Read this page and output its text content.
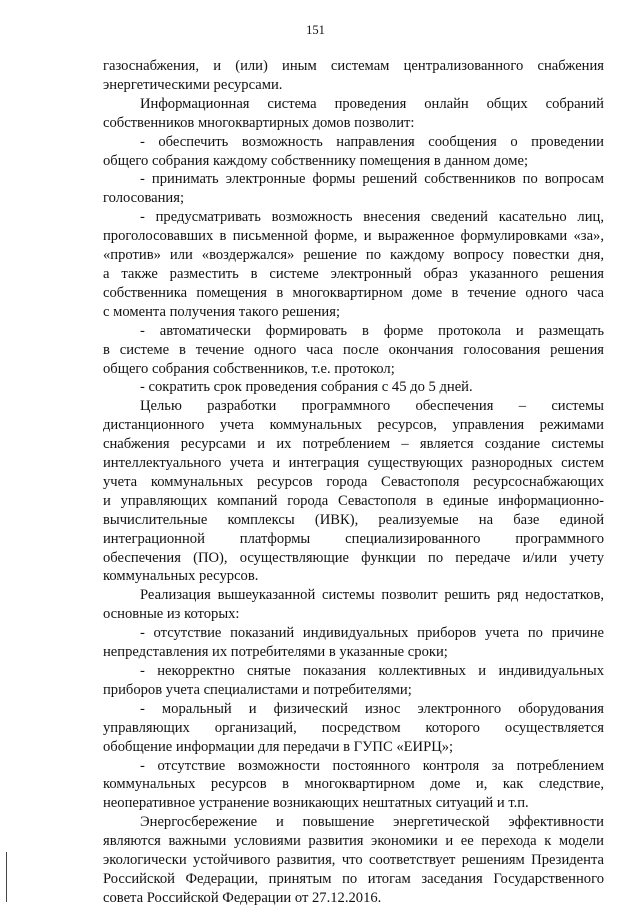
151

газоснабжения, и (или) иным системам централизованного снабжения

энергетическими ресурсами.

Информационная система проведения онлайн общих собраний

собственников многоквартирных домов позволит:

- обеспечить возможность направления сообщения о проведении

общего собрания каждому собственнику помещения в данном доме;

- принимать электронные формы решений собственников по вопросам

голосования;

- предусматривать возможность внесения сведений касательно лиц,

проголосовавших в письменной форме, и выраженное формулировками «за»,

«против» или «воздержался» решение по каждому вопросу повестки дня,

а также разместить в системе электронный образ указанного решения

собственника помещения в многоквартирном доме в течение одного часа

с момента получения такого решения;

- автоматически формировать в форме протокола и размещать

в системе в течение одного часа после окончания голосования решения

общего собрания собственников, т.е. протокол;

- сократить срок проведения собрания с 45 до 5 дней.

Целью разработки программного обеспечения – системы

дистанционного учета коммунальных ресурсов, управления режимами

снабжения ресурсами и их потреблением – является создание системы

интеллектуального учета и интеграция существующих разнородных систем

учета коммунальных ресурсов города Севастополя ресурсоснабжающих

и управляющих компаний города Севастополя в единые информационно-

вычислительные комплексы (ИВК), реализуемые на базе единой

интеграционной платформы специализированного программного

обеспечения (ПО), осуществляющие функции по передаче и/или учету

коммунальных ресурсов.

Реализация вышеуказанной системы позволит решить ряд недостатков,

основные из которых:

- отсутствие показаний индивидуальных приборов учета по причине

непредставления их потребителями в указанные сроки;

- некорректно снятые показания коллективных и индивидуальных

приборов учета специалистами и потребителями;

- моральный и физический износ электронного оборудования

управляющих организаций, посредством которого осуществляется

обобщение информации для передачи в ГУПС «ЕИРЦ»;

- отсутствие возможности постоянного контроля за потреблением

коммунальных ресурсов в многоквартирном доме и, как следствие,

неоперативное устранение возникающих нештатных ситуаций и т.п.

Энергосбережение и повышение энергетической эффективности

являются важными условиями развития экономики и ее перехода к модели

экологически устойчивого развития, что соответствует решениям Президента

Российской Федерации, принятым по итогам заседания Государственного

совета Российской Федерации от 27.12.2016.
